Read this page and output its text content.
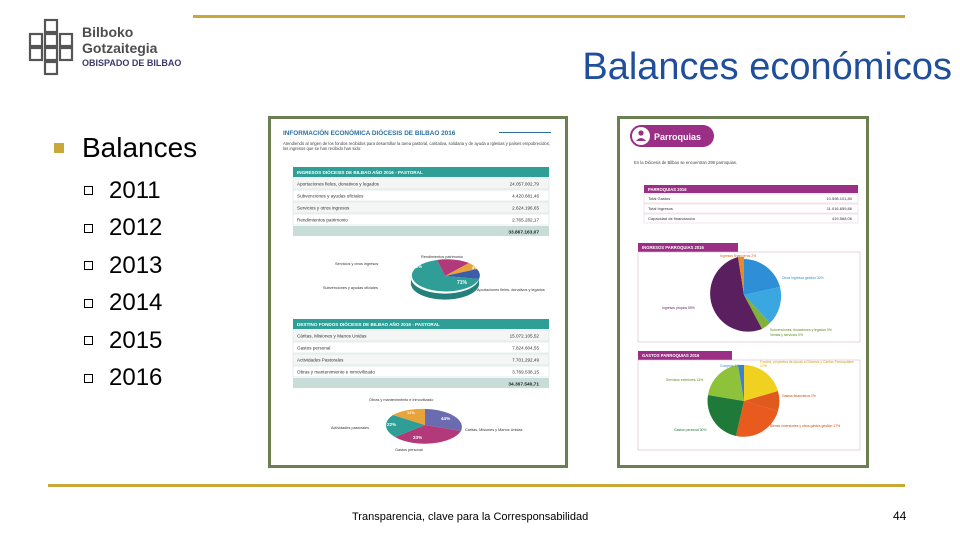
Bilboko
Gotzaitegia
OBISPADO DE BILBAO	Balances económicos
Balances
2011
2012
2013
2014
2015
2016
INFORMACIÓN ECONÓMICA DIÓCESIS DE BILBAO 2016
Atendiendo al origen de los fondos recibidos para desarrollar la tarea pastoral, caritativa, solidaria y de ayuda a Iglesias y países empobrecidos, los ingresos que se han recibido han sido:
INGRESOS DIÓCESIS DE BILBAO AÑO 2016 - PASTORAL
Aportaciones fieles, donativos y legados	24.057.002,79
Subvenciones y ayudas oficiales	4.420.681,46
Servicios y otros ingresos	2.624.196,65
Rendimientos patrimonio	2.765.282,17
33.867.163,07
Rendimientos patrimonio
Servicios y otros ingresos
Subvenciones y ayudas oficiales	Aportaciones fieles, donativos y legados
13%	8%
71%
DESTINO FONDOS DIÓCESIS DE BILBAO AÑO 2016 - PASTORAL
Cáritas, Misiones y Manos Unidas	15.072.105,52
Gastos personal	7.824.604,55
Actividades Pastorales	7.701.292,49
Obras y mantenimiento e inmovilizado	3.769.538,15
34.367.540,71
Obras y mantenimiento e inmovilizado
Actividades pastorales	Cáritas, Misiones y Manos Unidas
Gastos personal
11%
44%
22%
23%
Parroquias
En la Diócesis de Bilbao se encuentran 298 parroquias.
PARROQUIAS 2016
Total Gastos	10.598.101,80
Total Ingresos	11.016.659,86
Capacidad de financiación	419.568,06
INGRESOS PARROQUIAS 2016
Ingresos financieros 2%
Otros ingresos gestión 30%
Ingresos propios 59%
Subvenciones, donaciones y legados 9%
Ventas y servicios 0%
GASTOS PARROQUIAS 2016
Compras 1%
Fondos, proyectos de ayuda a Diócesis y Cáritas Parroquiales 17%
Servicios exteriores 13%
Gastos financieros 1%
Gastos personal 30%
Bienes inversiones y otros gastos gestión 17%
Transparencia, clave para la Corresponsabilidad	44
